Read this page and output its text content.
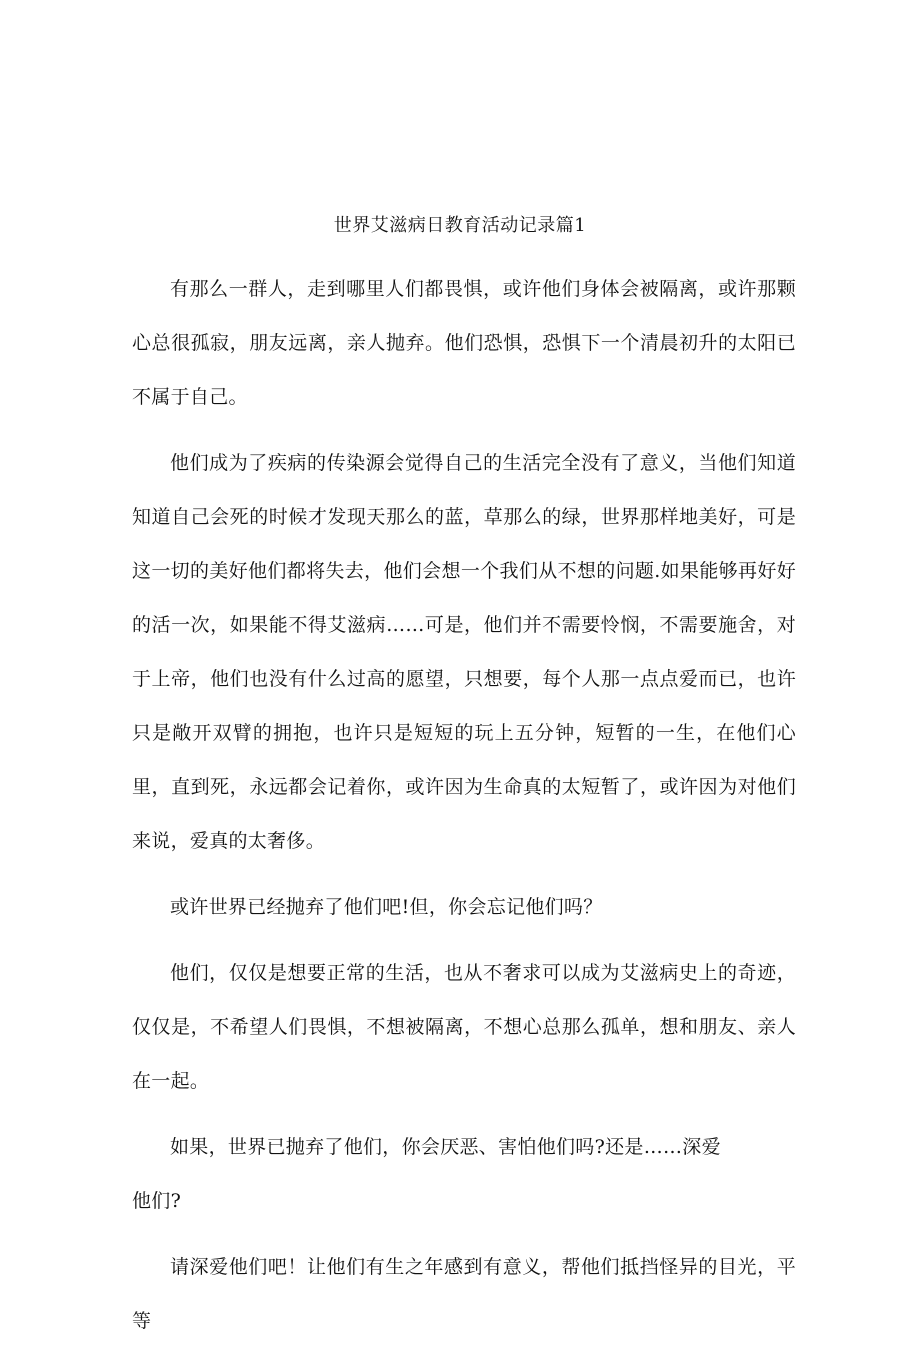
世界艾滋病日教育活动记录篇1

有那么一群人，走到哪里人们都畏惧，或许他们身体会被隔离，或许那颗心总很孤寂，朋友远离，亲人抛弃。他们恐惧，恐惧下一个清晨初升的太阳已不属于自己。

他们成为了疾病的传染源会觉得自己的生活完全没有了意义，当他们知道知道自己会死的时候才发现天那么的蓝，草那么的绿，世界那样地美好，可是这一切的美好他们都将失去，他们会想一个我们从不想的问题.如果能够再好好的活一次，如果能不得艾滋病……可是，他们并不需要怜悯，不需要施舍，对于上帝，他们也没有什么过高的愿望，只想要，每个人那一点点爱而已，也许只是敞开双臂的拥抱，也许只是短短的玩上五分钟，短暂的一生，在他们心里，直到死，永远都会记着你，或许因为生命真的太短暂了，或许因为对他们来说，爱真的太奢侈。

或许世界已经抛弃了他们吧!但，你会忘记他们吗？

他们，仅仅是想要正常的生活，也从不奢求可以成为艾滋病史上的奇迹，仅仅是，不希望人们畏惧，不想被隔离，不想心总那么孤单，想和朋友、亲人在一起。

如果，世界已抛弃了他们，你会厌恶、害怕他们吗?还是……深爱

他们?

请深爱他们吧！让他们有生之年感到有意义，帮他们抵挡怪异的目光，平等
